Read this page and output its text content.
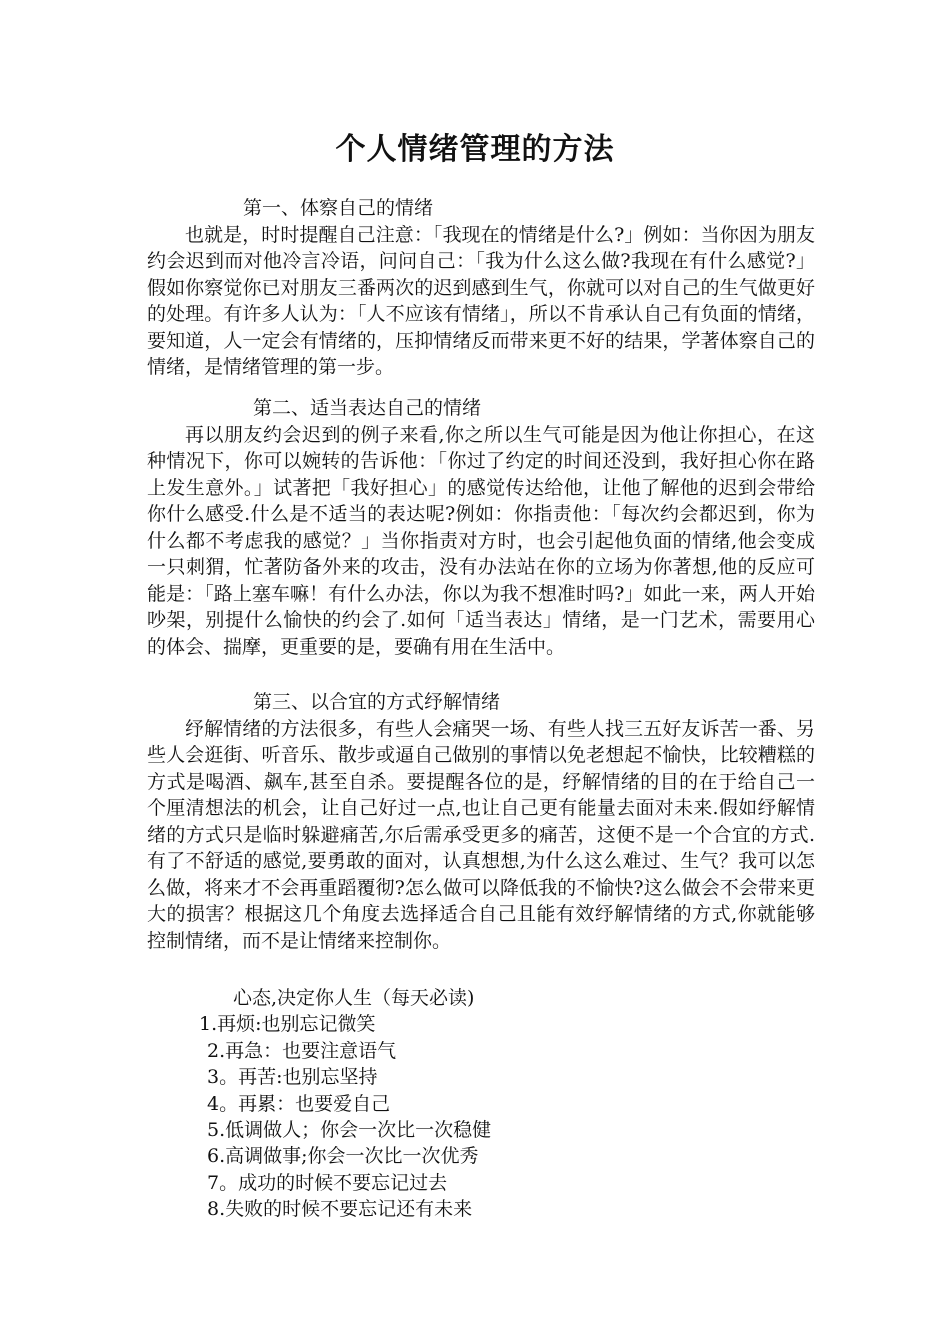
个人情绪管理的方法
第一、体察自己的情绪
也就是，时时提醒自己注意：「我现在的情绪是什么?」例如：当你因为朋友约会迟到而对他冷言冷语，问问自己：「我为什么这么做?我现在有什么感觉?」假如你察觉你已对朋友三番两次的迟到感到生气，你就可以对自己的生气做更好的处理。有许多人认为：「人不应该有情绪」，所以不肯承认自己有负面的情绪，要知道，人一定会有情绪的，压抑情绪反而带来更不好的结果，学著体察自己的情绪，是情绪管理的第一步。
第二、适当表达自己的情绪
再以朋友约会迟到的例子来看,你之所以生气可能是因为他让你担心，在这种情况下，你可以婉转的告诉他：「你过了约定的时间还没到，我好担心你在路上发生意外。」试著把「我好担心」的感觉传达给他，让他了解他的迟到会带给你什么感受.什么是不适当的表达呢?例如：你指责他：「每次约会都迟到，你为什么都不考虑我的感觉？」当你指责对方时，也会引起他负面的情绪,他会变成一只刺猬，忙著防备外来的攻击，没有办法站在你的立场为你著想,他的反应可能是：「路上塞车嘛！有什么办法，你以为我不想准时吗?」如此一来，两人开始吵架，别提什么愉快的约会了.如何「适当表达」情绪，是一门艺术，需要用心的体会、揣摩，更重要的是，要确有用在生活中。
第三、以合宜的方式纾解情绪
纾解情绪的方法很多，有些人会痛哭一场、有些人找三五好友诉苦一番、另些人会逛街、听音乐、散步或逼自己做别的事情以免老想起不愉快，比较糟糕的方式是喝酒、飙车,甚至自杀。要提醒各位的是，纾解情绪的目的在于给自己一个厘清想法的机会，让自己好过一点,也让自己更有能量去面对未来.假如纾解情绪的方式只是临时躲避痛苦,尔后需承受更多的痛苦，这便不是一个合宜的方式.有了不舒适的感觉,要勇敢的面对，认真想想,为什么这么难过、生气？我可以怎么做，将来才不会再重蹈覆彻?怎么做可以降低我的不愉快?这么做会不会带来更大的损害？根据这几个角度去选择适合自己且能有效纾解情绪的方式,你就能够控制情绪，而不是让情绪来控制你。
心态,决定你人生（每天必读)
1.再烦:也别忘记微笑
2.再急：也要注意语气
3。再苦:也别忘坚持
4。再累：也要爱自己
5.低调做人；你会一次比一次稳健
6.高调做事;你会一次比一次优秀
7。成功的时候不要忘记过去
8.失败的时候不要忘记还有未来
